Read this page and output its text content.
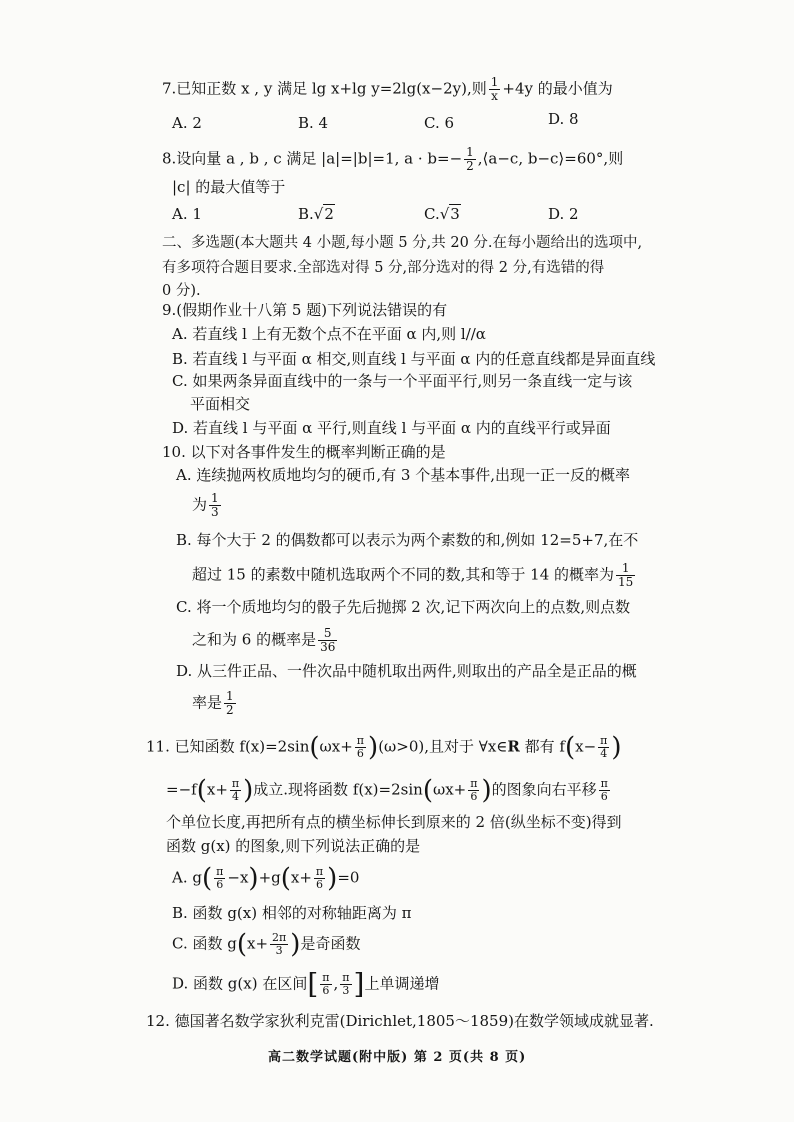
7.已知正数 x , y 满足 lg x+lg y=2lg(x−2y),则 $\frac{1}{x} +4y$ 的最小值为
A. 2	B. 4	C. 6	D. 8
8.设向量 a , b , c 满足 |a|=|b|=1, $a \cdot b=- \frac{1}{2}$ ,⟨a−c, b−c⟩=60°,则
|c| 的最大值等于
A. 1	B.√2	C.√3	D. 2
二、多选题(本大题共 4 小题,每小题 5 分,共 20 分.在每小题给出的选项中,
有多项符合题目要求.全部选对得 5 分,部分选对的得 2 分,有选错的得
0 分).
9.(假期作业十八第 5 题)下列说法错误的有
A. 若直线 l 上有无数个点不在平面 α 内,则 l//α
B. 若直线 l 与平面 α 相交,则直线 l 与平面 α 内的任意直线都是异面直线
C. 如果两条异面直线中的一条与一个平面平行,则另一条直线一定与该
平面相交
D. 若直线 l 与平面 α 平行,则直线 l 与平面 α 内的直线平行或异面
10. 以下对各事件发生的概率判断正确的是
A. 连续抛两枚质地均匀的硬币,有 3 个基本事件,出现一正一反的概率
为 $\frac{1}{3}$
B. 每个大于 2 的偶数都可以表示为两个素数的和,例如 12=5+7,在不
超过 15 的素数中随机选取两个不同的数,其和等于 14 的概率为 $\frac{1}{15}$
C. 将一个质地均匀的骰子先后抛掷 2 次,记下两次向上的点数,则点数
之和为 6 的概率是 $\frac{5}{36}$
D. 从三件正品、一件次品中随机取出两件,则取出的产品全是正品的概
率是 $\frac{1}{2}$
11. 已知函数 $f(x)=2\sin(\omega x+ \frac{\pi}{6} )(\omega>0)$,且对于 ∀x∈R 都有 $f(x- \frac{\pi}{4}$ )
$=-f(x+ \frac{\pi}{4}$ )成立.现将函数 $f(x)=2\sin(\omega x+ \frac{\pi}{6}$ )的图象向右平移 $\frac{\pi}{6}$
个单位长度,再把所有点的横坐标伸长到原来的 2 倍(纵坐标不变)得到
函数 g(x) 的图象,则下列说法正确的是
A. $g( \frac{\pi}{6} -x)+g(x+ \frac{\pi}{6} )=0$
B. 函数 g(x) 相邻的对称轴距离为 π
C. 函数 $g(x+ \frac{2\pi}{3}$ )是奇函数
D. 函数 g(x) 在区间[ $\frac{\pi}{6}$ , $\frac{\pi}{3}$ ]上单调递增
12. 德国著名数学家狄利克雷(Dirichlet,1805～1859)在数学领域成就显著.
高二数学试题(附中版) 第 2 页(共 8 页)
